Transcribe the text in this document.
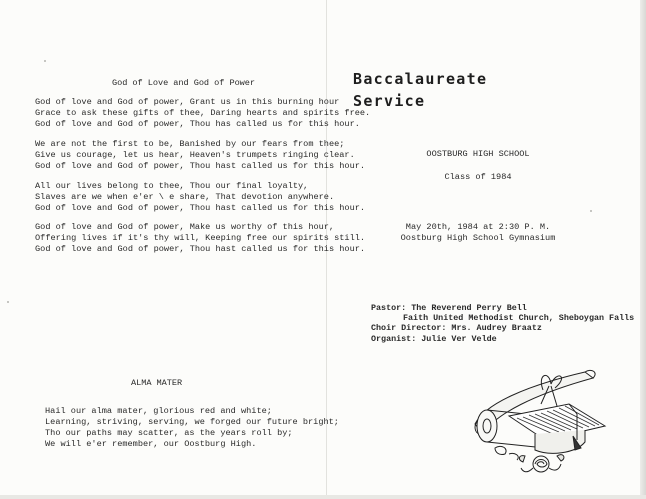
God of Love and God of Power
God of love and God of power, Grant us in this burning hour
Grace to ask these gifts of thee, Daring hearts and spirits free.
God of love and God of power, Thou has called us for this hour.
We are not the first to be, Banished by our fears from thee;
Give us courage, let us hear, Heaven's trumpets ringing clear.
God of love and God of power, Thou hast called us for this hour.
All our lives belong to thee, Thou our final loyalty,
Slaves are we when e'er \ e share, That devotion anywhere.
God of love and God of power, Thou hast called us for this hour.
God of love and God of power, Make us worthy of this hour,
Offering lives if it's thy will, Keeping free our spirits still.
God of love and God of power, Thou hast called us for this hour.
ALMA MATER
Hail our alma mater, glorious red and white;
Learning, striving, serving, we forged our future bright;
Tho our paths may scatter, as the years roll by;
We will e'er remember, our Oostburg High.
Baccalaureate
Service
OOSTBURG HIGH SCHOOL
Class of 1984
May 20th, 1984 at 2:30 P. M.
Oostburg High School Gymnasium
Pastor: The Reverend Perry Bell
Faith United Methodist Church, Sheboygan Falls
Choir Director: Mrs. Audrey Braatz
Organist: Julie Ver Velde
